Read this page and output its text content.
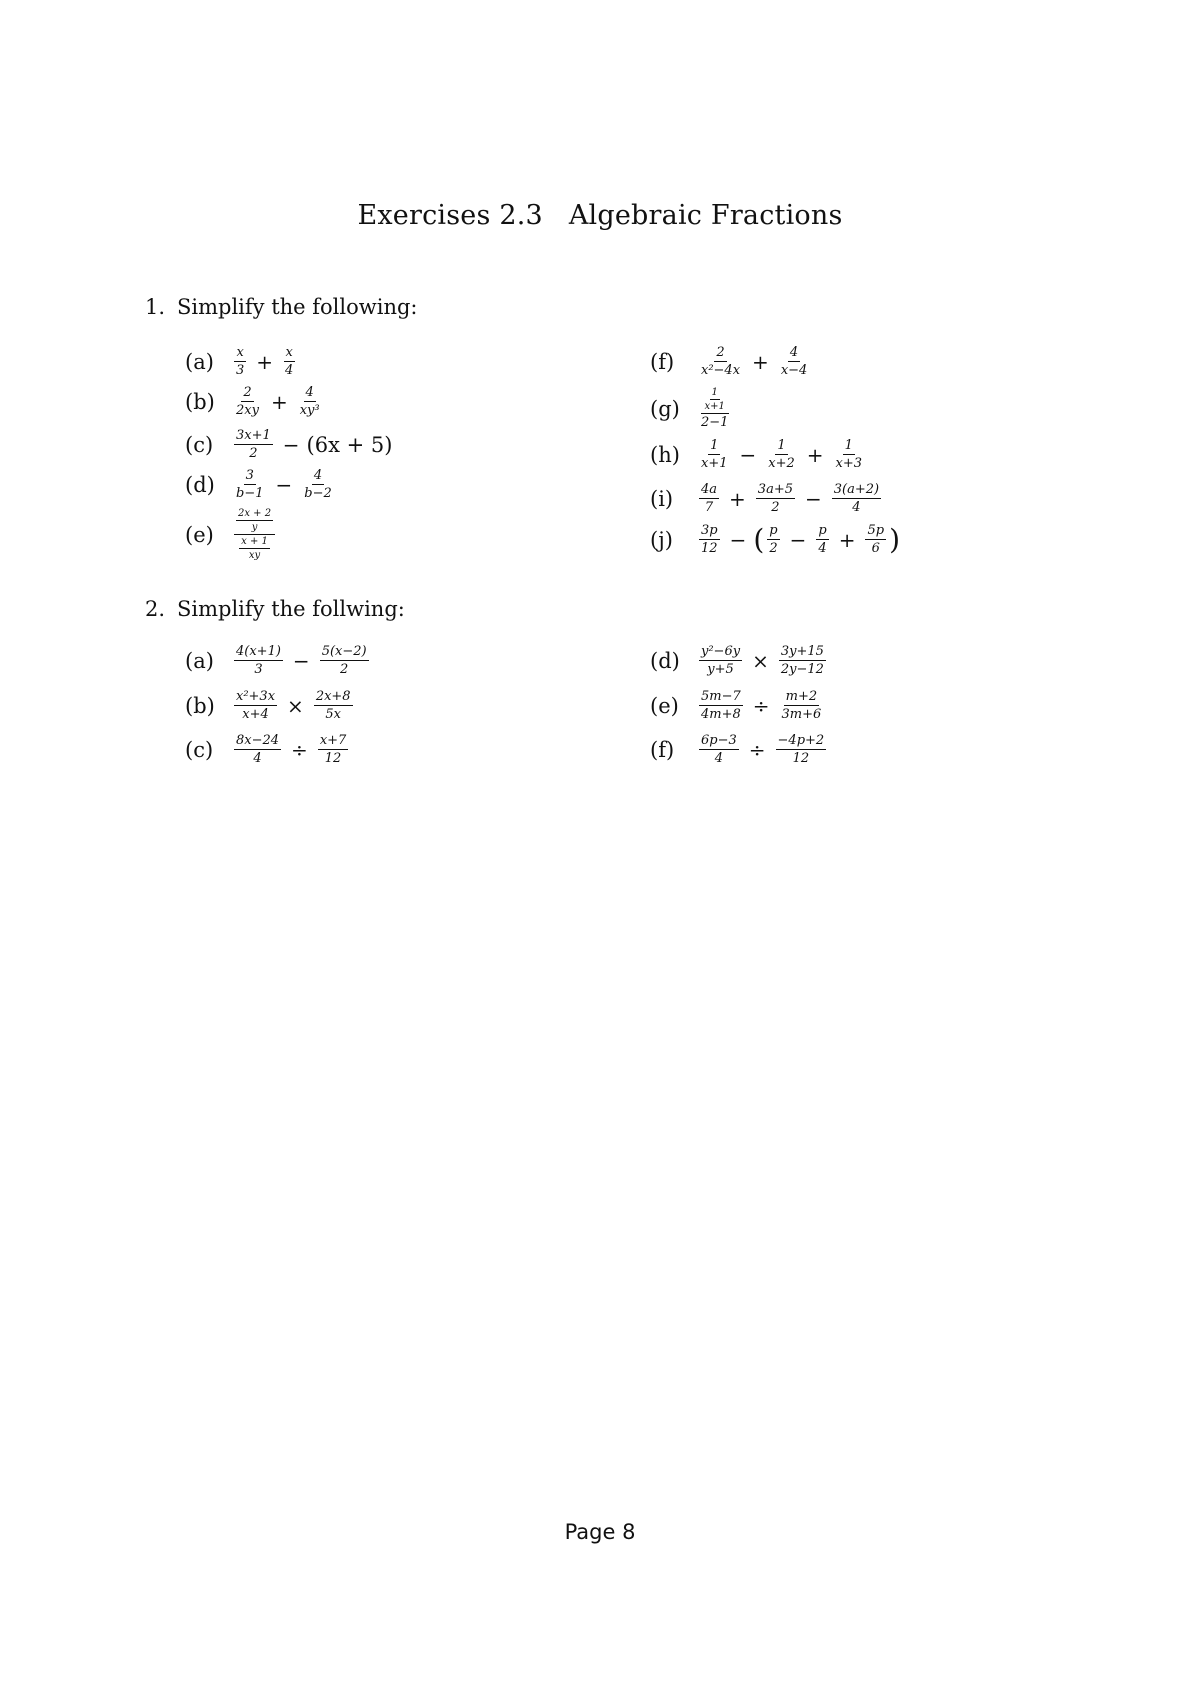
Exercises 2.3 Algebraic Fractions
1. Simplify the following:
(a)	$\frac{x}{3} + \frac{x}{4}$
(b)	$\frac{2}{2xy} + \frac{4}{\text{xy³}}$
(c)	$\frac{3x+1}{2} - (6x + 5)$
(d)	$\frac{3}{b-1} - \frac{4}{b-2}$
(e)	$\frac{\frac{2x + 2}{y}}{\frac{x + 1}{xy}}$
(f)	$\frac{2}{\text{x²−4x}} + \frac{4}{x-4}$
(g)	$\frac{\frac{1}{x+1}}{2-1}$
(h)	$\frac{1}{x+1} - \frac{1}{x+2} + \frac{1}{x+3}$
(i)	$\frac{4a}{7} + \frac{3a+5}{2} - \frac{3(a+2)}{4}$
(j)	$\frac{3p}{12}$ − ( $\frac{p}{2} - \frac{p}{4} + \frac{5p}{6}$ )
2. Simplify the follwing:
(a)	$\frac{4(x+1)}{3} - \frac{5(x-2)}{2}$
(b)	$\frac{\text{x²+3x}}{x+4} \times \frac{2x+8}{5x}$
(c)	$\frac{8x-24}{4} \div \frac{x+7}{12}$
(d)	$\frac{\text{y²−6y}}{y+5} \times \frac{3y+15}{2y-12}$
(e)	$\frac{5m-7}{4m+8} \div \frac{m+2}{3m+6}$
(f)	$\frac{6p-3}{4} \div \frac{-4p+2}{12}$
Page 8
